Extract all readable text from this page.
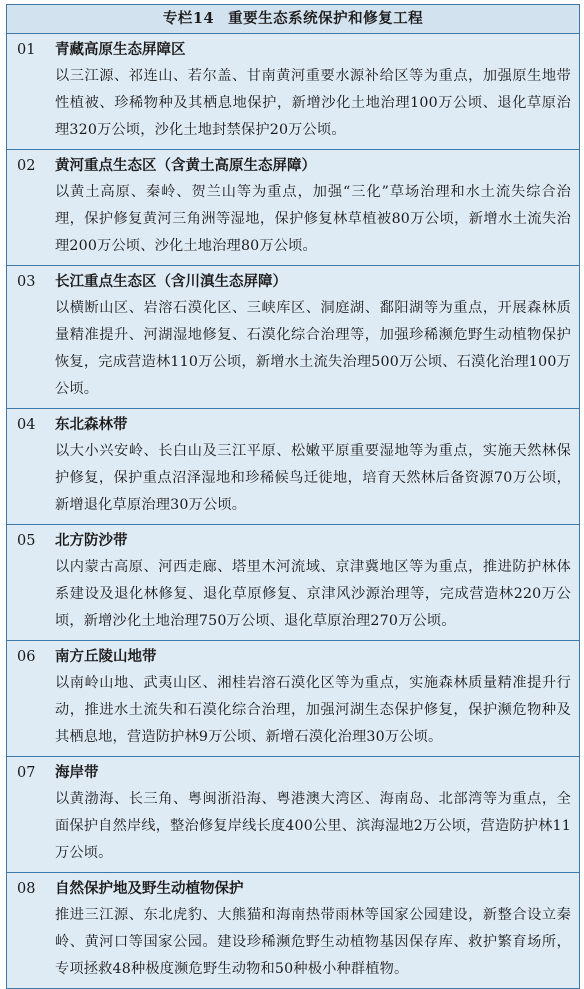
专栏14 重要生态系统保护和修复工程
01	青藏高原生态屏障区
以三江源、祁连山、若尔盖、甘南黄河重要水源补给区等为重点，加强原生地带性植被、珍稀物种及其栖息地保护，新增沙化土地治理100万公顷、退化草原治理320万公顷，沙化土地封禁保护20万公顷。
02	黄河重点生态区（含黄土高原生态屏障）
以黄土高原、秦岭、贺兰山等为重点，加强“三化”草场治理和水土流失综合治理，保护修复黄河三角洲等湿地，保护修复林草植被80万公顷，新增水土流失治理200万公顷、沙化土地治理80万公顷。
03	长江重点生态区（含川滇生态屏障）
以横断山区、岩溶石漠化区、三峡库区、洞庭湖、鄱阳湖等为重点，开展森林质量精准提升、河湖湿地修复、石漠化综合治理等，加强珍稀濒危野生动植物保护恢复，完成营造林110万公顷，新增水土流失治理500万公顷、石漠化治理100万公顷。
04	东北森林带
以大小兴安岭、长白山及三江平原、松嫩平原重要湿地等为重点，实施天然林保护修复，保护重点沼泽湿地和珍稀候鸟迁徙地，培育天然林后备资源70万公顷，新增退化草原治理30万公顷。
05	北方防沙带
以内蒙古高原、河西走廊、塔里木河流域、京津冀地区等为重点，推进防护林体系建设及退化林修复、退化草原修复、京津风沙源治理等，完成营造林220万公顷，新增沙化土地治理750万公顷、退化草原治理270万公顷。
06	南方丘陵山地带
以南岭山地、武夷山区、湘桂岩溶石漠化区等为重点，实施森林质量精准提升行动，推进水土流失和石漠化综合治理，加强河湖生态保护修复，保护濒危物种及其栖息地，营造防护林9万公顷、新增石漠化治理30万公顷。
07	海岸带
以黄渤海、长三角、粤闽浙沿海、粤港澳大湾区、海南岛、北部湾等为重点，全面保护自然岸线，整治修复岸线长度400公里、滨海湿地2万公顷，营造防护林11万公顷。
08	自然保护地及野生动植物保护
推进三江源、东北虎豹、大熊猫和海南热带雨林等国家公园建设，新整合设立秦岭、黄河口等国家公园。建设珍稀濒危野生动植物基因保存库、救护繁育场所，专项拯救48种极度濒危野生动物和50种极小种群植物。
